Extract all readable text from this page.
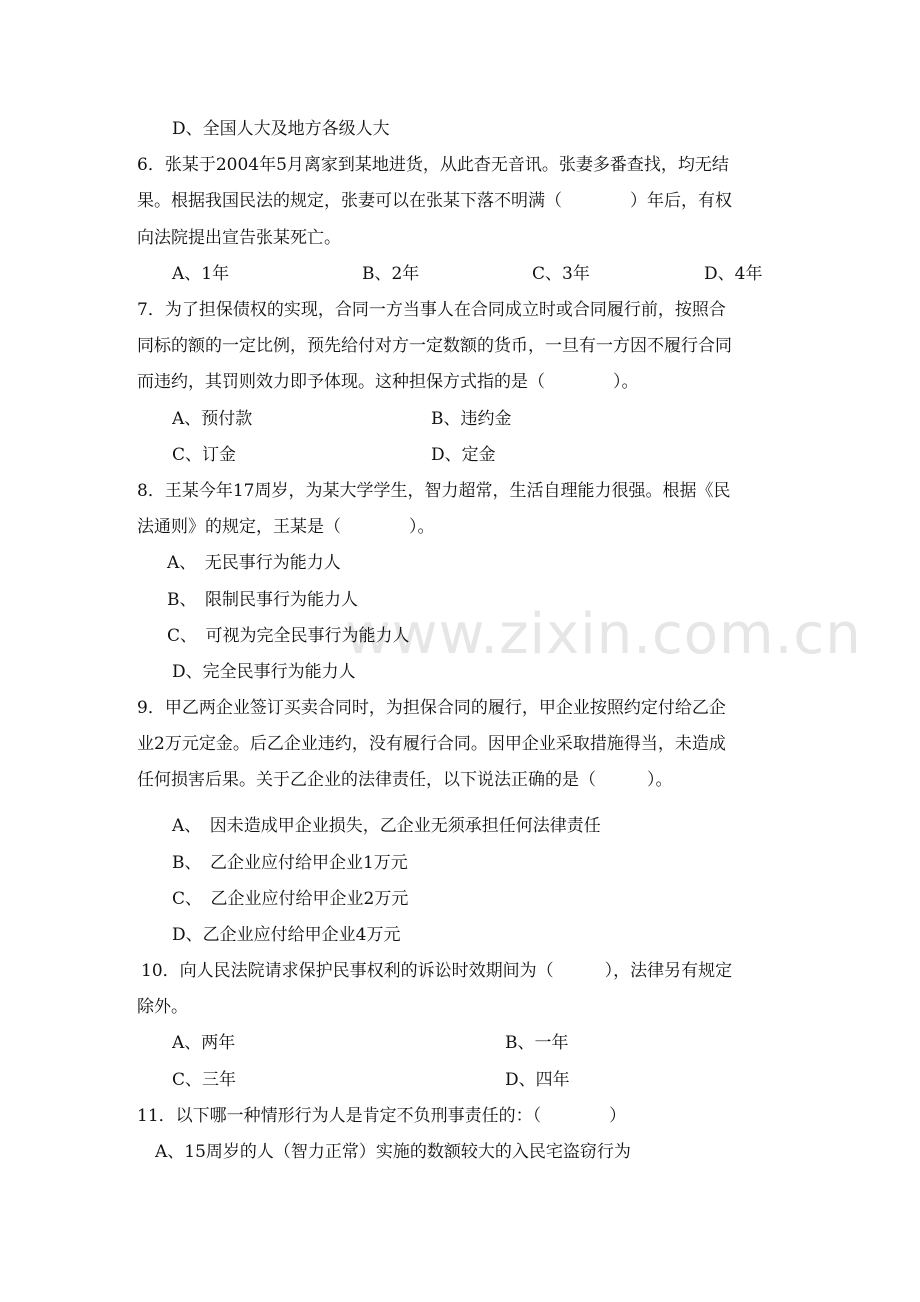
www.zixin.com.cn
D、全国人大及地方各级人大
6．张某于2004年5月离家到某地进货，从此杳无音讯。张妻多番查找，均无结
果。根据我国民法的规定，张妻可以在张某下落不明满（　　　　）年后，有权
向法院提出宣告张某死亡。
A、1年	B、2年	C、3年	D、4年
7．为了担保债权的实现，合同一方当事人在合同成立时或合同履行前，按照合
同标的额的一定比例，预先给付对方一定数额的货币，一旦有一方因不履行合同
而违约，其罚则效力即予体现。这种担保方式指的是（　　　　）。
A、预付款	B、违约金
C、订金	D、定金
8．王某今年17周岁，为某大学学生，智力超常，生活自理能力很强。根据《民
法通则》的规定，王某是（　　　　）。
A、　无民事行为能力人
B、　限制民事行为能力人
C、　可视为完全民事行为能力人
D、完全民事行为能力人
9．甲乙两企业签订买卖合同时，为担保合同的履行，甲企业按照约定付给乙企
业2万元定金。后乙企业违约，没有履行合同。因甲企业采取措施得当，未造成
任何损害后果。关于乙企业的法律责任，以下说法正确的是（　　　）。
A、　因未造成甲企业损失，乙企业无须承担任何法律责任
B、　乙企业应付给甲企业1万元
C、　乙企业应付给甲企业2万元
D、乙企业应付给甲企业4万元
10．向人民法院请求保护民事权利的诉讼时效期间为（　　　），法律另有规定
除外。
A、两年	B、一年
C、三年	D、四年
11．以下哪一种情形行为人是肯定不负刑事责任的：（　　　　）
A、15周岁的人（智力正常）实施的数额较大的入民宅盗窃行为
